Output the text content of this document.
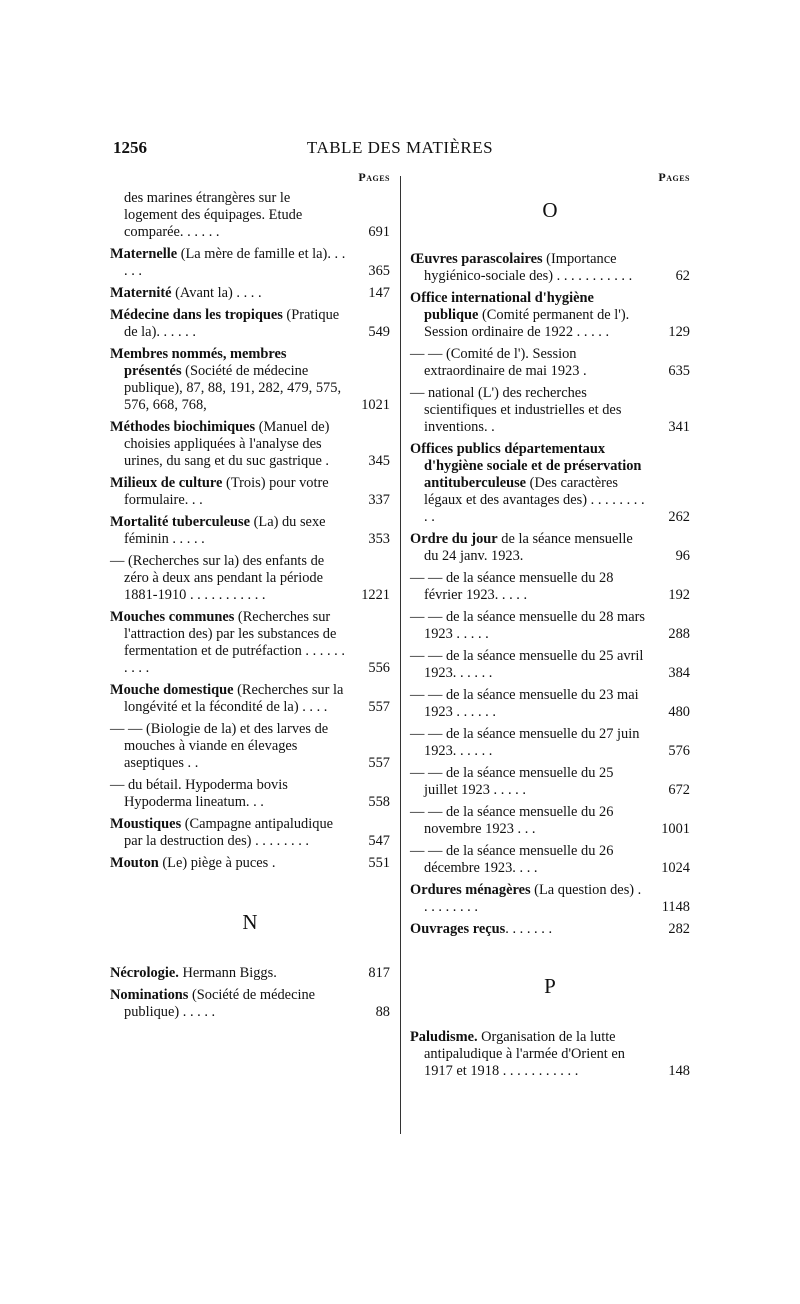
1256	TABLE DES MATIÈRES
Pages
des marines étrangères sur le logement des équipages. Etude comparée. . . . . .	691
Maternelle (La mère de famille et la). . . . . .	365
Maternité (Avant la) . . . .	147
Médecine dans les tropiques (Pratique de la). . . . . .	549
Membres nommés, membres présentés (Société de médecine publique), 87, 88, 191, 282, 479, 575, 576, 668, 768,	1021
Méthodes biochimiques (Manuel de) choisies appliquées à l'analyse des urines, du sang et du suc gastrique .	345
Milieux de culture (Trois) pour votre formulaire. . .	337
Mortalité tuberculeuse (La) du sexe féminin . . . . .	353
— (Recherches sur la) des enfants de zéro à deux ans pendant la période 1881-1910 . . . . . . . . . . .	1221
Mouches communes (Recherches sur l'attraction des) par les substances de fermentation et de putréfaction . . . . . . . . . .	556
Mouche domestique (Recherches sur la longévité et la fécondité de la) . . . .	557
— — (Biologie de la) et des larves de mouches à viande en élevages aseptiques . .	557
— du bétail. Hypoderma bovis Hypoderma lineatum. . .	558
Moustiques (Campagne antipaludique par la destruction des) . . . . . . . .	547
Mouton (Le) piège à puces .	551
N
Nécrologie. Hermann Biggs.	817
Nominations (Société de médecine publique) . . . . .	88
Pages
O
Œuvres parascolaires (Importance hygiénico-sociale des) . . . . . . . . . . .	62
Office international d'hygiène publique (Comité permanent de l'). Session ordinaire de 1922 . . . . .	129
— — (Comité de l'). Session extraordinaire de mai 1923 .	635
— national (L') des recherches scientifiques et industrielles et des inventions. .	341
Offices publics départementaux d'hygiène sociale et de préservation antituberculeuse (Des caractères légaux et des avantages des) . . . . . . . . . .	262
Ordre du jour de la séance mensuelle du 24 janv. 1923.	96
— — de la séance mensuelle du 28 février 1923. . . . .	192
— — de la séance mensuelle du 28 mars 1923 . . . . .	288
— — de la séance mensuelle du 25 avril 1923. . . . . .	384
— — de la séance mensuelle du 23 mai 1923 . . . . . .	480
— — de la séance mensuelle du 27 juin 1923. . . . . .	576
— — de la séance mensuelle du 25 juillet 1923 . . . . .	672
— — de la séance mensuelle du 26 novembre 1923 . . .	1001
— — de la séance mensuelle du 26 décembre 1923. . . .	1024
Ordures ménagères (La question des) . . . . . . . . .	1148
Ouvrages reçus. . . . . . .	282
P
Paludisme. Organisation de la lutte antipaludique à l'armée d'Orient en 1917 et 1918 . . . . . . . . . . .	148
